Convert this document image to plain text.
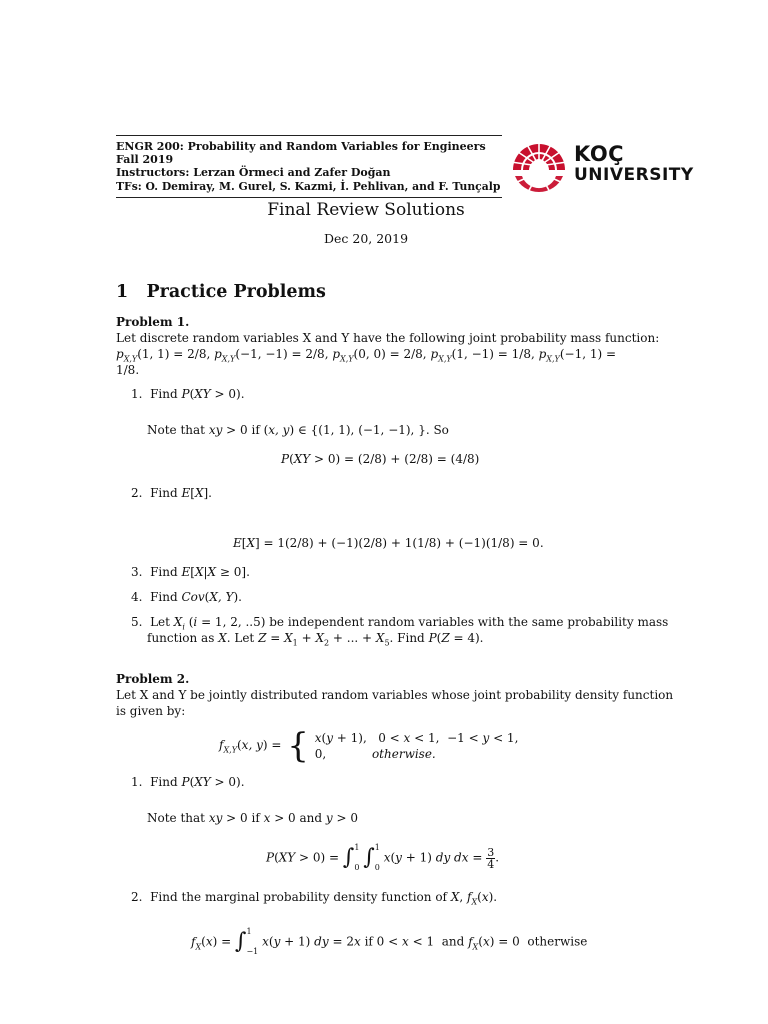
ENGR 200: Probability and Random Variables for Engineers
Fall 2019
Instructors: Lerzan Örmeci and Zafer Doğan
TFs: O. Demiray, M. Gurel, S. Kazmi, İ. Pehlivan, and F. Tunçalp
KOÇ
UNIVERSITY
Final Review Solutions
Dec 20, 2019
1 Practice Problems
Problem 1.
Let discrete random variables X and Y have the following joint probability mass function:
$p_{X,Y}(1$, 1) = 2/8, $p_{X,Y}(-1$, −1) = 2/8, $p_{X,Y}(0$, 0) = 2/8, $p_{X,Y}(1$, −1) = 1/8, $p_{X,Y}(-1$, 1) =
1/8.
1.  Find P(XY > 0).
Note that xy > 0 if (x, y) ∈ {(1, 1), (−1, −1), }. So
P(XY > 0) = (2/8) + (2/8) = (4/8)
2.  Find E[X].
E[X] = 1(2/8) + (−1)(2/8) + 1(1/8) + (−1)(1/8) = 0.
3.  Find E[X|X ≥ 0].
4.  Find Cov(X, Y).
5.  Let $X_i$ (i = 1, 2, ..5) be independent random variables with the same probability mass
function as X. Let $Z = X_1 + X_2$ + ... + $X_5$. Find P(Z = 4).
Problem 2.
Let X and Y be jointly distributed random variables whose joint probability density function
is given by:
$f_{X,Y}(x$, y) = { x(y + 1),   0 < x < 1,  −1 < y < 1,
0,            otherwise.
1.  Find P(XY > 0).
Note that xy > 0 if x > 0 and y > 0
P(XY > 0) = ∫ 1
0 ∫ 1
0
x(y + 1) dy dx = $\frac{3}{4}$ .
2.  Find the marginal probability density function of X, $f_X(x)$.
$f_X(x)$ = ∫ 1
−1
x(y + 1) dy = 2x if 0 < x < 1  and $f_X(x) = 0$  otherwise
